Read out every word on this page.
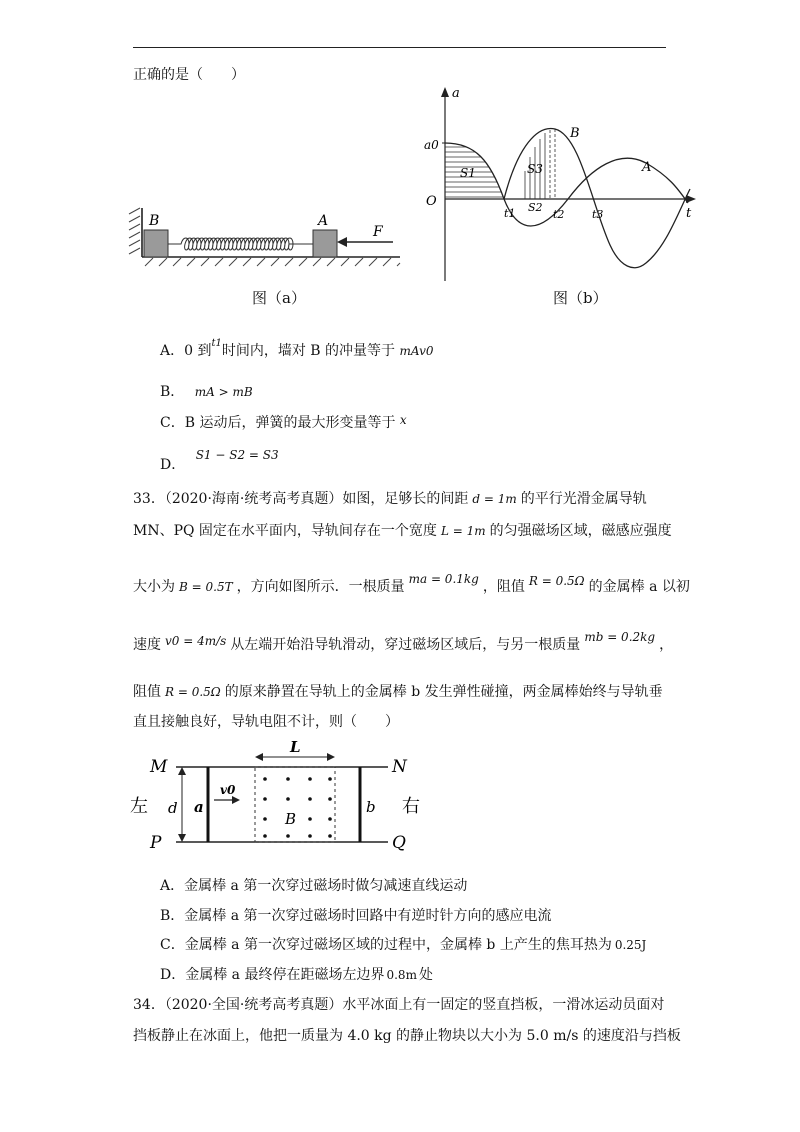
正确的是（　　）
B	A
F
图（a）
a
t
O
a0
B
A
S1	S3
S2
t1	t2	t3
图（b）
A．0 到$^{t1}$时间内，墙对 B 的冲量等于 mAv0
B． mA > mB
C．B 运动后，弹簧的最大形变量等于 x
D． S1 − S2 = S3
33．（2020·海南·统考高考真题）如图，足够长的间距 d = 1m 的平行光滑金属导轨
MN、PQ 固定在水平面内，导轨间存在一个宽度 L = 1m 的匀强磁场区域，磁感应强度
大小为 B = 0.5T ，方向如图所示．一根质量 ma = 0.1kg ，阻值 R = 0.5Ω 的金属棒 a 以初
速度 v0 = 4m/s 从左端开始沿导轨滑动，穿过磁场区域后，与另一根质量 mb = 0.2kg ，
阻值 R = 0.5Ω 的原来静置在导轨上的金属棒 b 发生弹性碰撞，两金属棒始终与导轨垂
直且接触良好，导轨电阻不计，则（　　）
M	N
P	Q
左	右
d a	b
L
B
v0
A．金属棒 a 第一次穿过磁场时做匀减速直线运动
B．金属棒 a 第一次穿过磁场时回路中有逆时针方向的感应电流
C．金属棒 a 第一次穿过磁场区域的过程中，金属棒 b 上产生的焦耳热为 0.25J
D．金属棒 a 最终停在距磁场左边界 0.8m 处
34．（2020·全国·统考高考真题）水平冰面上有一固定的竖直挡板，一滑冰运动员面对
挡板静止在冰面上，他把一质量为 4.0 kg 的静止物块以大小为 5.0 m/s 的速度沿与挡板
